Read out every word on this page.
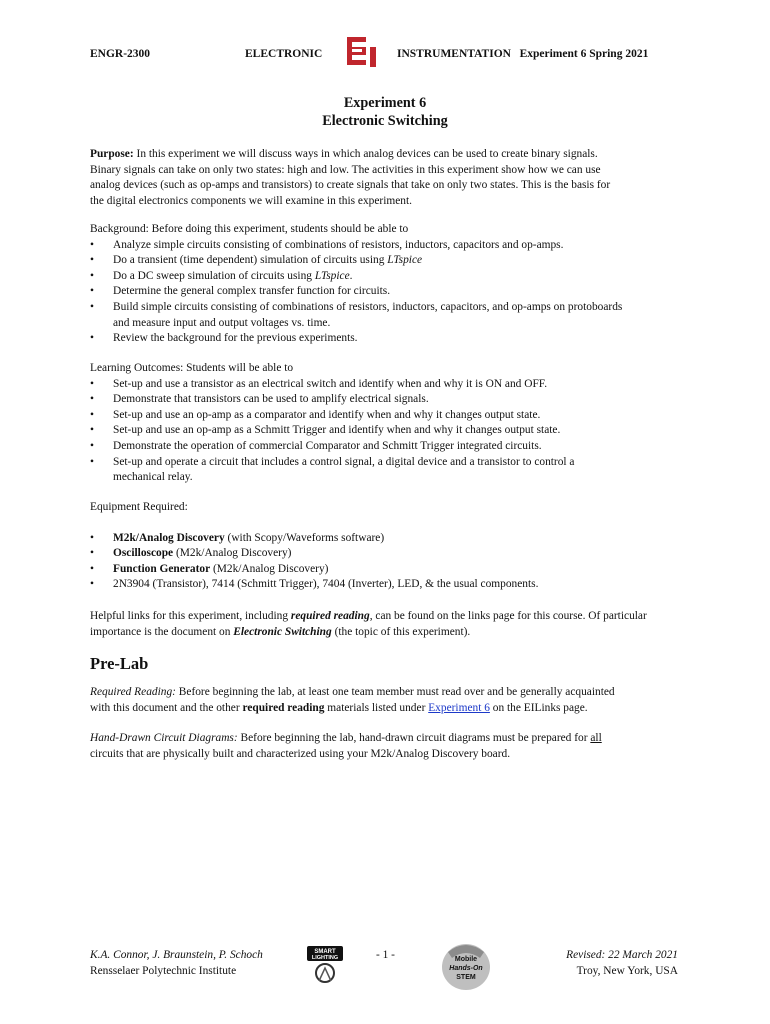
ENGR-2300	ELECTRONIC	INSTRUMENTATION   Experiment 6 Spring 2021
Experiment 6
Electronic Switching

Purpose: In this experiment we will discuss ways in which analog devices can be used to create binary signals.

Binary signals can take on only two states: high and low. The activities in this experiment show how we can use

analog devices (such as op-amps and transistors) to create signals that take on only two states. This is the basis for

the digital electronics components we will examine in this experiment.

Background: Before doing this experiment, students should be able to

• Analyze simple circuits consisting of combinations of resistors, inductors, capacitors and op-amps.
• Do a transient (time dependent) simulation of circuits using LTspice
• Do a DC sweep simulation of circuits using LTspice.
• Determine the general complex transfer function for circuits.
• Build simple circuits consisting of combinations of resistors, inductors, capacitors, and op-amps on protoboards
and measure input and output voltages vs. time.
• Review the background for the previous experiments.

Learning Outcomes: Students will be able to

• Set-up and use a transistor as an electrical switch and identify when and why it is ON and OFF.
• Demonstrate that transistors can be used to amplify electrical signals.
• Set-up and use an op-amp as a comparator and identify when and why it changes output state.
• Set-up and use an op-amp as a Schmitt Trigger and identify when and why it changes output state.
• Demonstrate the operation of commercial Comparator and Schmitt Trigger integrated circuits.
• Set-up and operate a circuit that includes a control signal, a digital device and a transistor to control a
mechanical relay.

Equipment Required:

• M2k/Analog Discovery (with Scopy/Waveforms software)
• Oscilloscope (M2k/Analog Discovery)
• Function Generator (M2k/Analog Discovery)
• 2N3904 (Transistor), 7414 (Schmitt Trigger), 7404 (Inverter), LED, & the usual components.

Helpful links for this experiment, including required reading, can be found on the links page for this course. Of particular

importance is the document on Electronic Switching (the topic of this experiment).

Pre-Lab

Required Reading: Before beginning the lab, at least one team member must read over and be generally acquainted

with this document and the other required reading materials listed under Experiment 6 on the EILinks page.

Hand-Drawn Circuit Diagrams: Before beginning the lab, hand-drawn circuit diagrams must be prepared for all

circuits that are physically built and characterized using your M2k/Analog Discovery board.

K.A. Connor, J. Braunstein, P. Schoch
Rensselaer Polytechnic Institute
SMART
LIGHTING	- 1 -	Mobile
Hands-On
STEM
Revised: 22 March 2021
Troy, New York, USA
